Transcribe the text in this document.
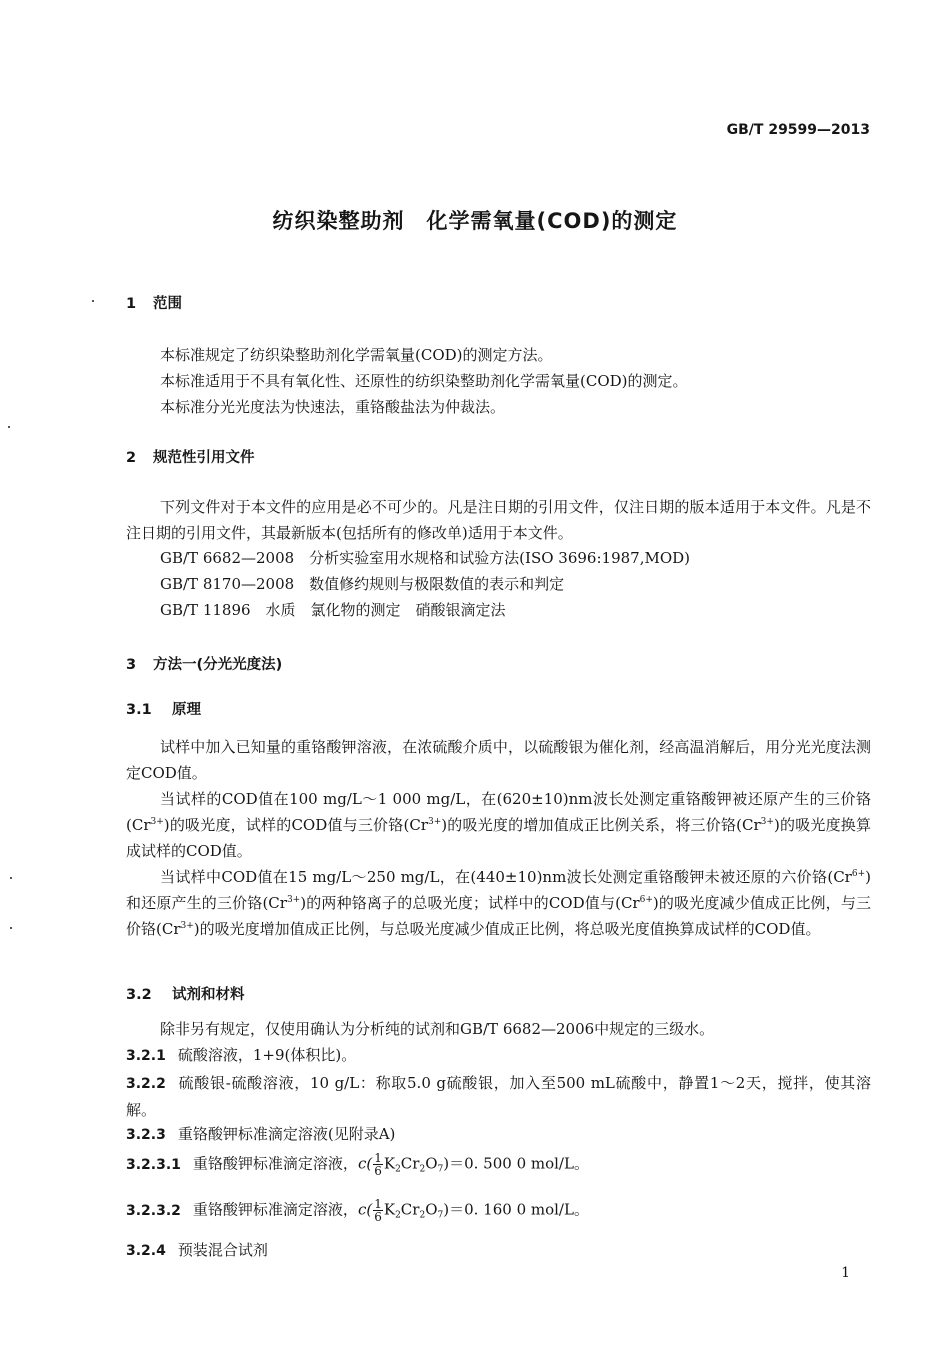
GB/T 29599—2013
纺织染整助剂　化学需氧量(COD)的测定
1 范围
本标准规定了纺织染整助剂化学需氧量(COD)的测定方法。
本标准适用于不具有氧化性、还原性的纺织染整助剂化学需氧量(COD)的测定。
本标准分光光度法为快速法，重铬酸盐法为仲裁法。
2 规范性引用文件
下列文件对于本文件的应用是必不可少的。凡是注日期的引用文件，仅注日期的版本适用于本文件。凡是不注日期的引用文件，其最新版本(包括所有的修改单)适用于本文件。
GB/T 6682—2008　分析实验室用水规格和试验方法(ISO 3696:1987,MOD)
GB/T 8170—2008　数值修约规则与极限数值的表示和判定
GB/T 11896　水质　氯化物的测定　硝酸银滴定法
3 方法一(分光光度法)
3.1 原理
试样中加入已知量的重铬酸钾溶液，在浓硫酸介质中，以硫酸银为催化剂，经高温消解后，用分光光度法测定COD值。
当试样的COD值在100 mg/L～1 000 mg/L，在(620±10)nm波长处测定重铬酸钾被还原产生的三价铬$(Cr^{3+})$的吸光度，试样的COD值与三价铬$(Cr^{3+})$的吸光度的增加值成正比例关系，将三价铬$(Cr^{3+})$的吸光度换算成试样的COD值。
当试样中COD值在15 mg/L～250 mg/L，在(440±10)nm波长处测定重铬酸钾未被还原的六价铬$(Cr^{6+})$和还原产生的三价铬$(Cr^{3+})$的两种铬离子的总吸光度；试样中的COD值与$(Cr^{6+})$的吸光度减少值成正比例，与三价铬$(Cr^{3+})$的吸光度增加值成正比例，与总吸光度减少值成正比例，将总吸光度值换算成试样的COD值。
3.2 试剂和材料
除非另有规定，仅使用确认为分析纯的试剂和GB/T 6682—2006中规定的三级水。
3.2.1 硫酸溶液，1+9(体积比)。
3.2.2 硫酸银-硫酸溶液，10 g/L：称取5.0 g硫酸银，加入至500 mL硫酸中，静置1～2天，搅拌，使其溶解。
3.2.3 重铬酸钾标准滴定溶液(见附录A)
3.2.3.1 重铬酸钾标准滴定溶液，$c( \frac{1}{6} K_2Cr_2O_7)=0$. 500 0 mol/L。
3.2.3.2 重铬酸钾标准滴定溶液，$c( \frac{1}{6} K_2Cr_2O_7)=0$. 160 0 mol/L。
3.2.4 预装混合试剂
1
